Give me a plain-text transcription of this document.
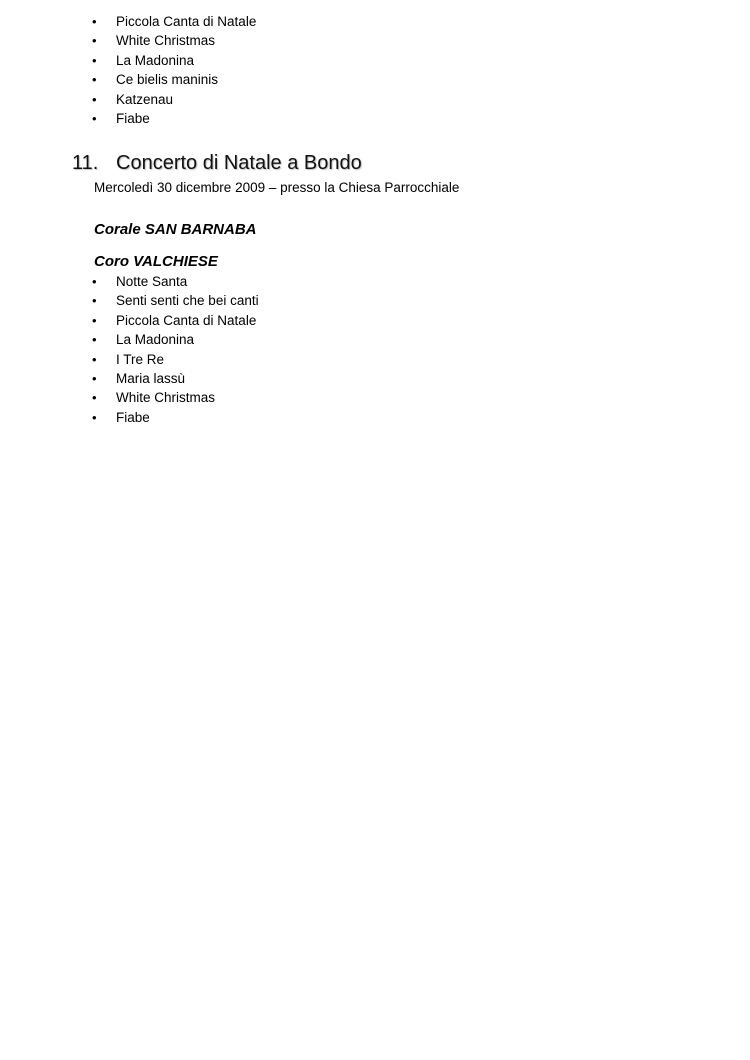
• Piccola Canta di Natale
• White Christmas
• La Madonina
• Ce bielis maninis
• Katzenau
• Fiabe
11. Concerto di Natale a Bondo
Mercoledì 30 dicembre 2009 – presso la Chiesa Parrocchiale
Corale SAN BARNABA
Coro VALCHIESE
• Notte Santa
• Senti senti che bei canti
• Piccola Canta di Natale
• La Madonina
• I Tre Re
• Maria lassù
• White Christmas
• Fiabe
